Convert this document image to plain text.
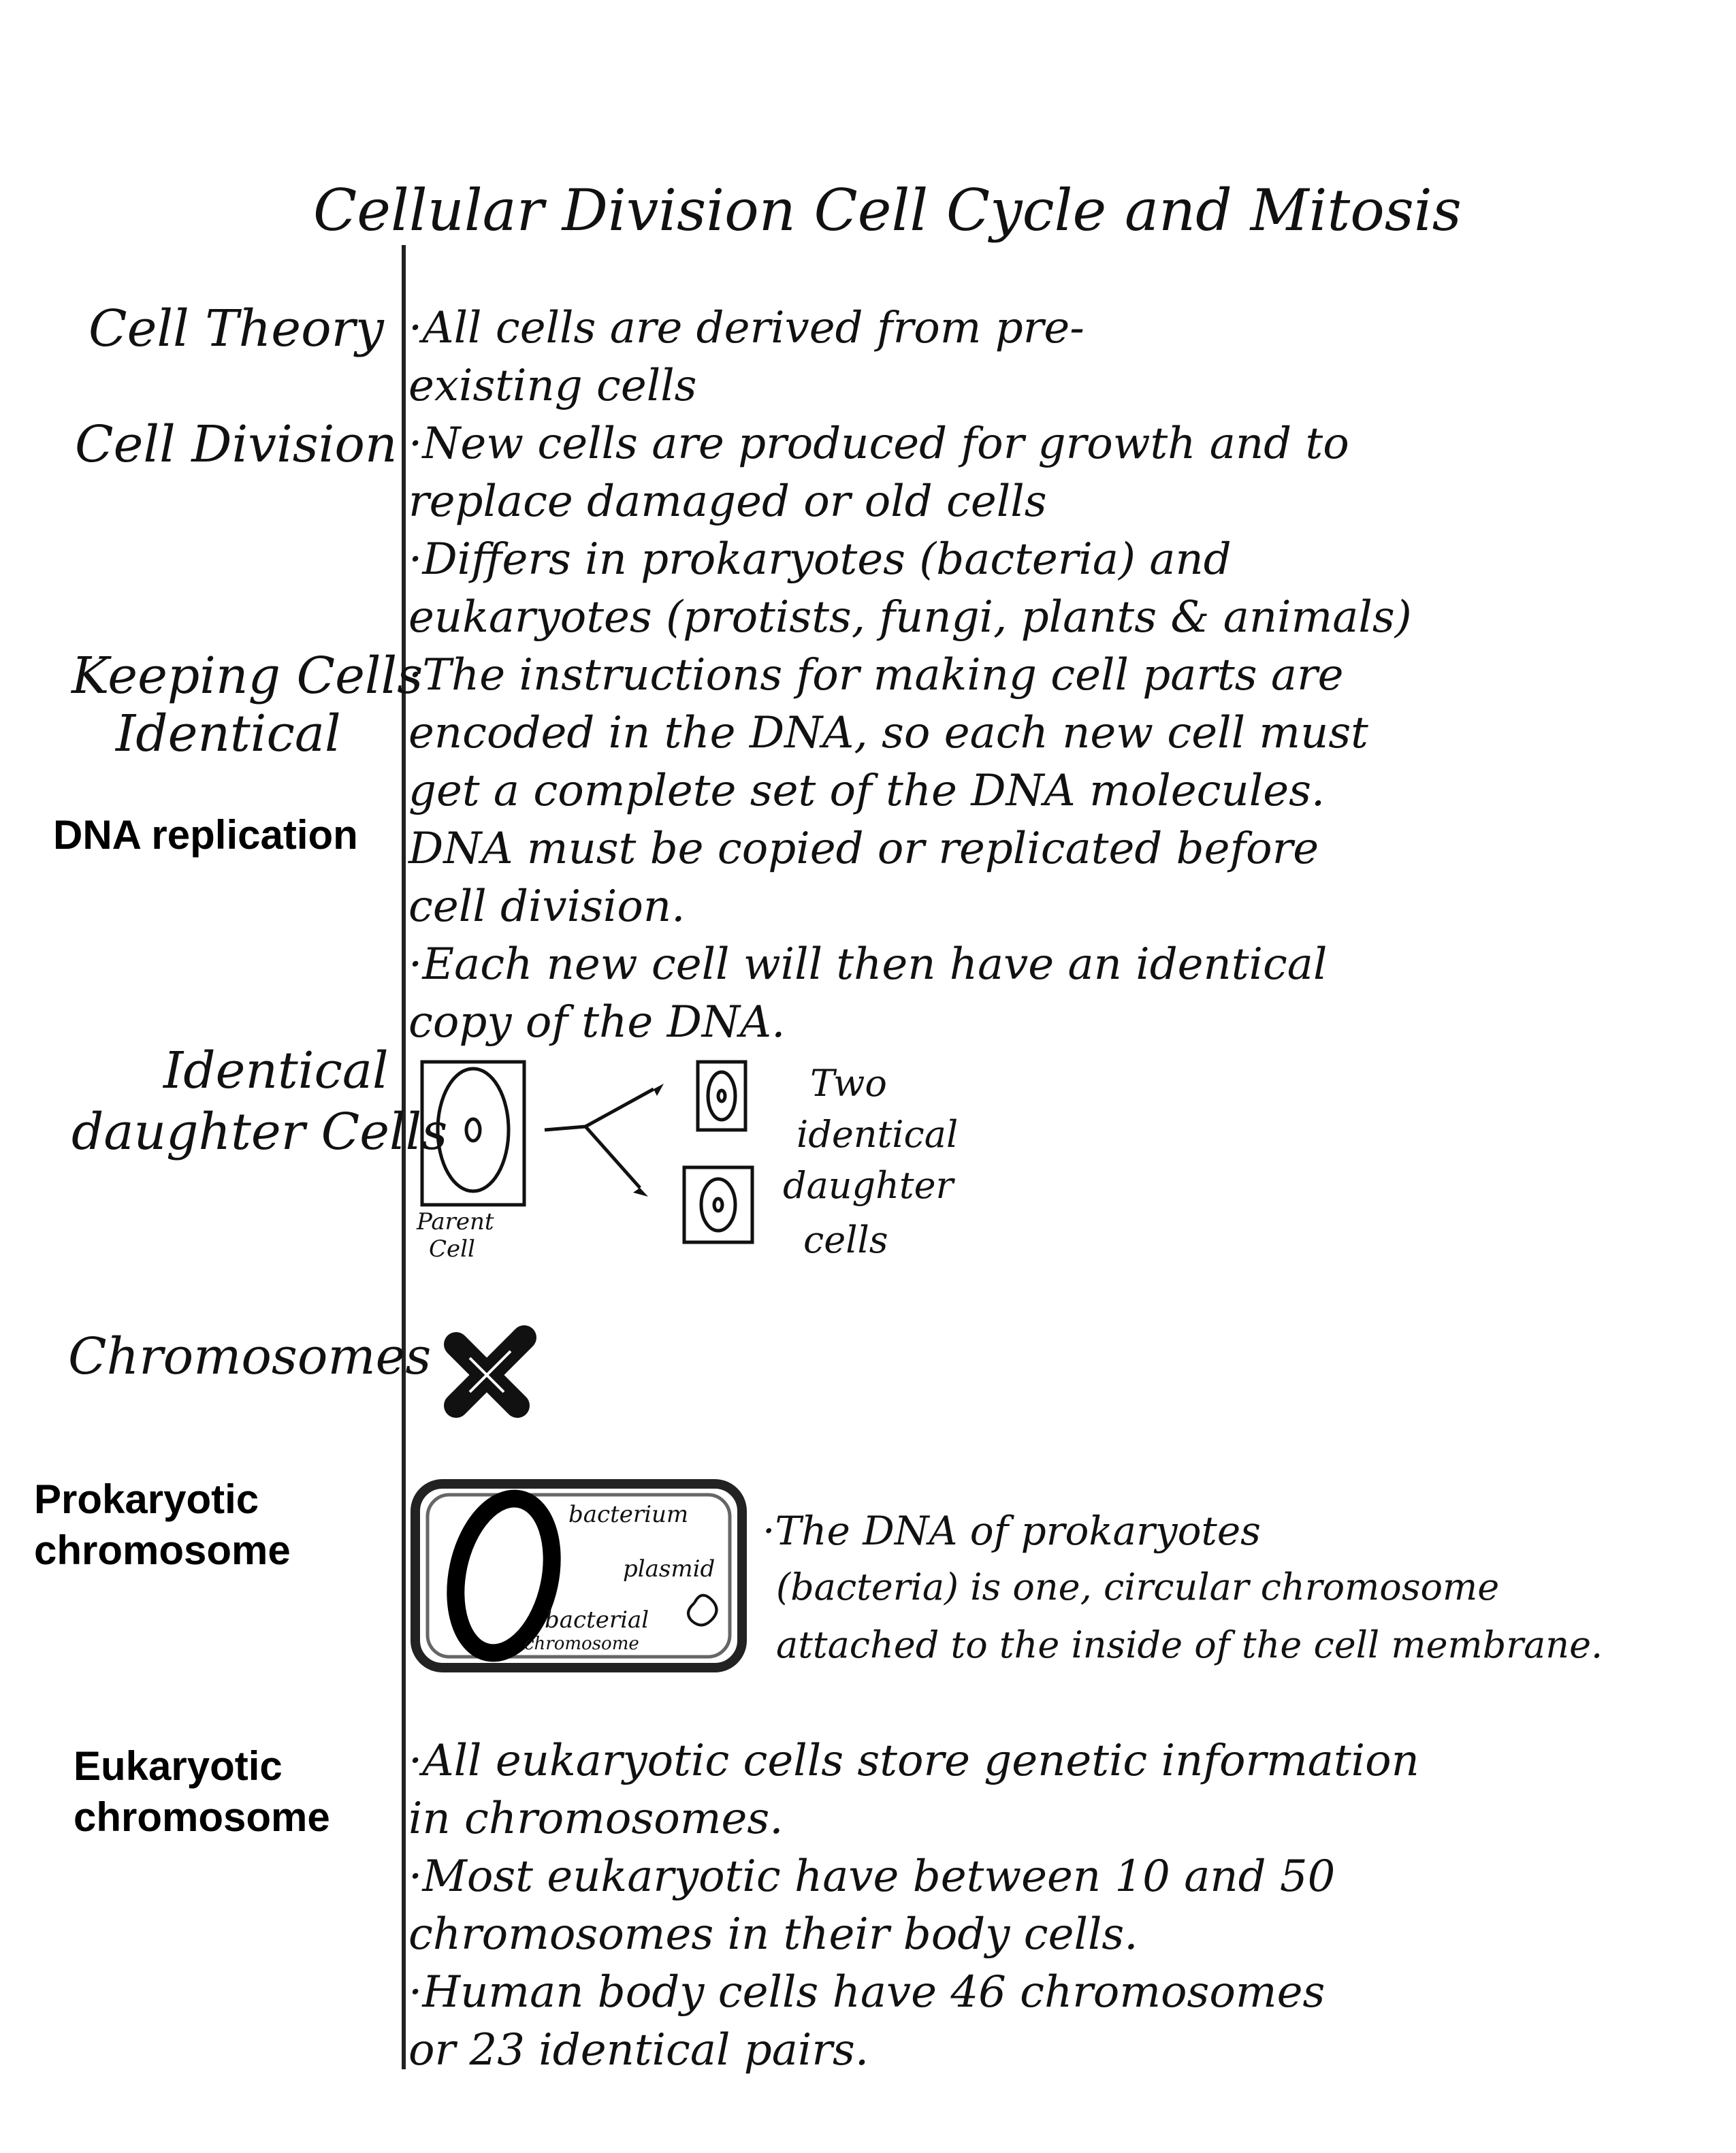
Cellular Division Cell Cycle and Mitosis
Cell Theory
Cell Division
Keeping Cells
Identical
DNA replication
Identical
daughter Cells
Chromosomes
Prokaryotic
chromosome
Eukaryotic
chromosome
·All cells are derived from pre-
existing cells
·New cells are produced for growth and to
replace damaged or old cells
·Differs in prokaryotes (bacteria) and
eukaryotes (protists, fungi, plants & animals)
·The instructions for making cell parts are
encoded in the DNA, so each new cell must
get a complete set of the DNA molecules.
DNA must be copied or replicated before
cell division.
·Each new cell will then have an identical
copy of the DNA.
Parent
Cell
Two
identical
daughter
cells
bacterium
plasmid
bacterial
chromosome
·The DNA of prokaryotes
(bacteria) is one, circular chromosome
attached to the inside of the cell membrane.
·All eukaryotic cells store genetic information
in chromosomes.
·Most eukaryotic have between 10 and 50
chromosomes in their body cells.
·Human body cells have 46 chromosomes
or 23 identical pairs.
